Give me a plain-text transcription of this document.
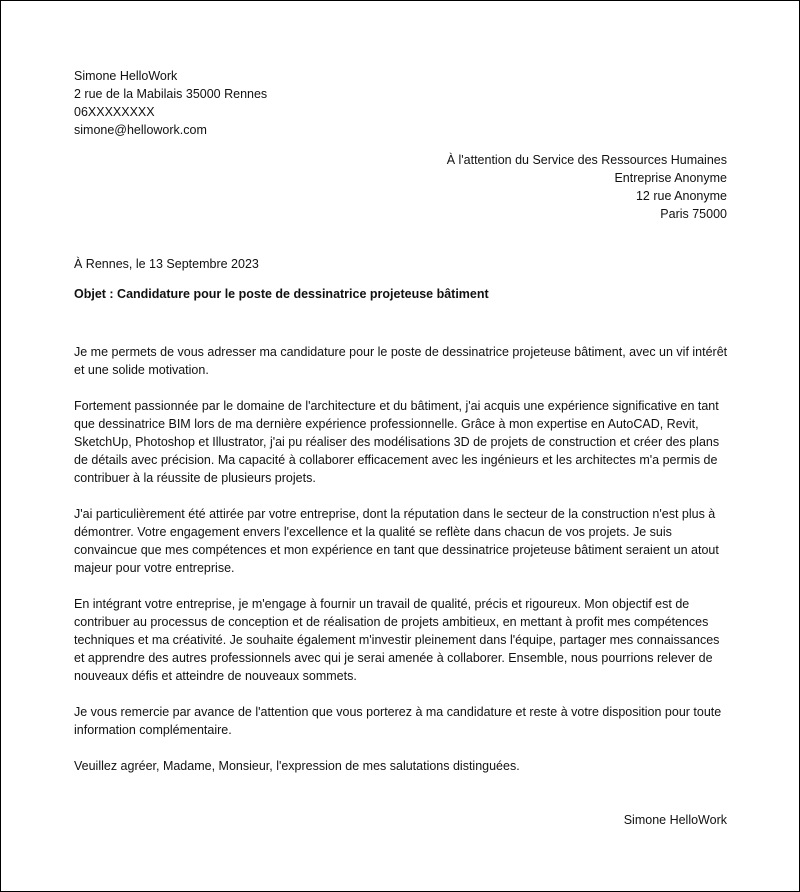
Simone HelloWork
2 rue de la Mabilais 35000 Rennes
06XXXXXXXX
simone@hellowork.com
À l'attention du Service des Ressources Humaines
Entreprise Anonyme
12 rue Anonyme
Paris 75000
À Rennes, le 13 Septembre 2023
Objet : Candidature pour le poste de dessinatrice projeteuse bâtiment

Je me permets de vous adresser ma candidature pour le poste de dessinatrice projeteuse bâtiment, avec un vif intérêt et une solide motivation.

Fortement passionnée par le domaine de l'architecture et du bâtiment, j'ai acquis une expérience significative en tant que dessinatrice BIM lors de ma dernière expérience professionnelle. Grâce à mon expertise en AutoCAD, Revit, SketchUp, Photoshop et Illustrator, j'ai pu réaliser des modélisations 3D de projets de construction et créer des plans de détails avec précision. Ma capacité à collaborer efficacement avec les ingénieurs et les architectes m'a permis de contribuer à la réussite de plusieurs projets.

J'ai particulièrement été attirée par votre entreprise, dont la réputation dans le secteur de la construction n'est plus à démontrer. Votre engagement envers l'excellence et la qualité se reflète dans chacun de vos projets. Je suis convaincue que mes compétences et mon expérience en tant que dessinatrice projeteuse bâtiment seraient un atout majeur pour votre entreprise.

En intégrant votre entreprise, je m'engage à fournir un travail de qualité, précis et rigoureux. Mon objectif est de contribuer au processus de conception et de réalisation de projets ambitieux, en mettant à profit mes compétences techniques et ma créativité. Je souhaite également m'investir pleinement dans l'équipe, partager mes connaissances et apprendre des autres professionnels avec qui je serai amenée à collaborer. Ensemble, nous pourrions relever de nouveaux défis et atteindre de nouveaux sommets.

Je vous remercie par avance de l'attention que vous porterez à ma candidature et reste à votre disposition pour toute information complémentaire.

Veuillez agréer, Madame, Monsieur, l'expression de mes salutations distinguées.

Simone HelloWork
